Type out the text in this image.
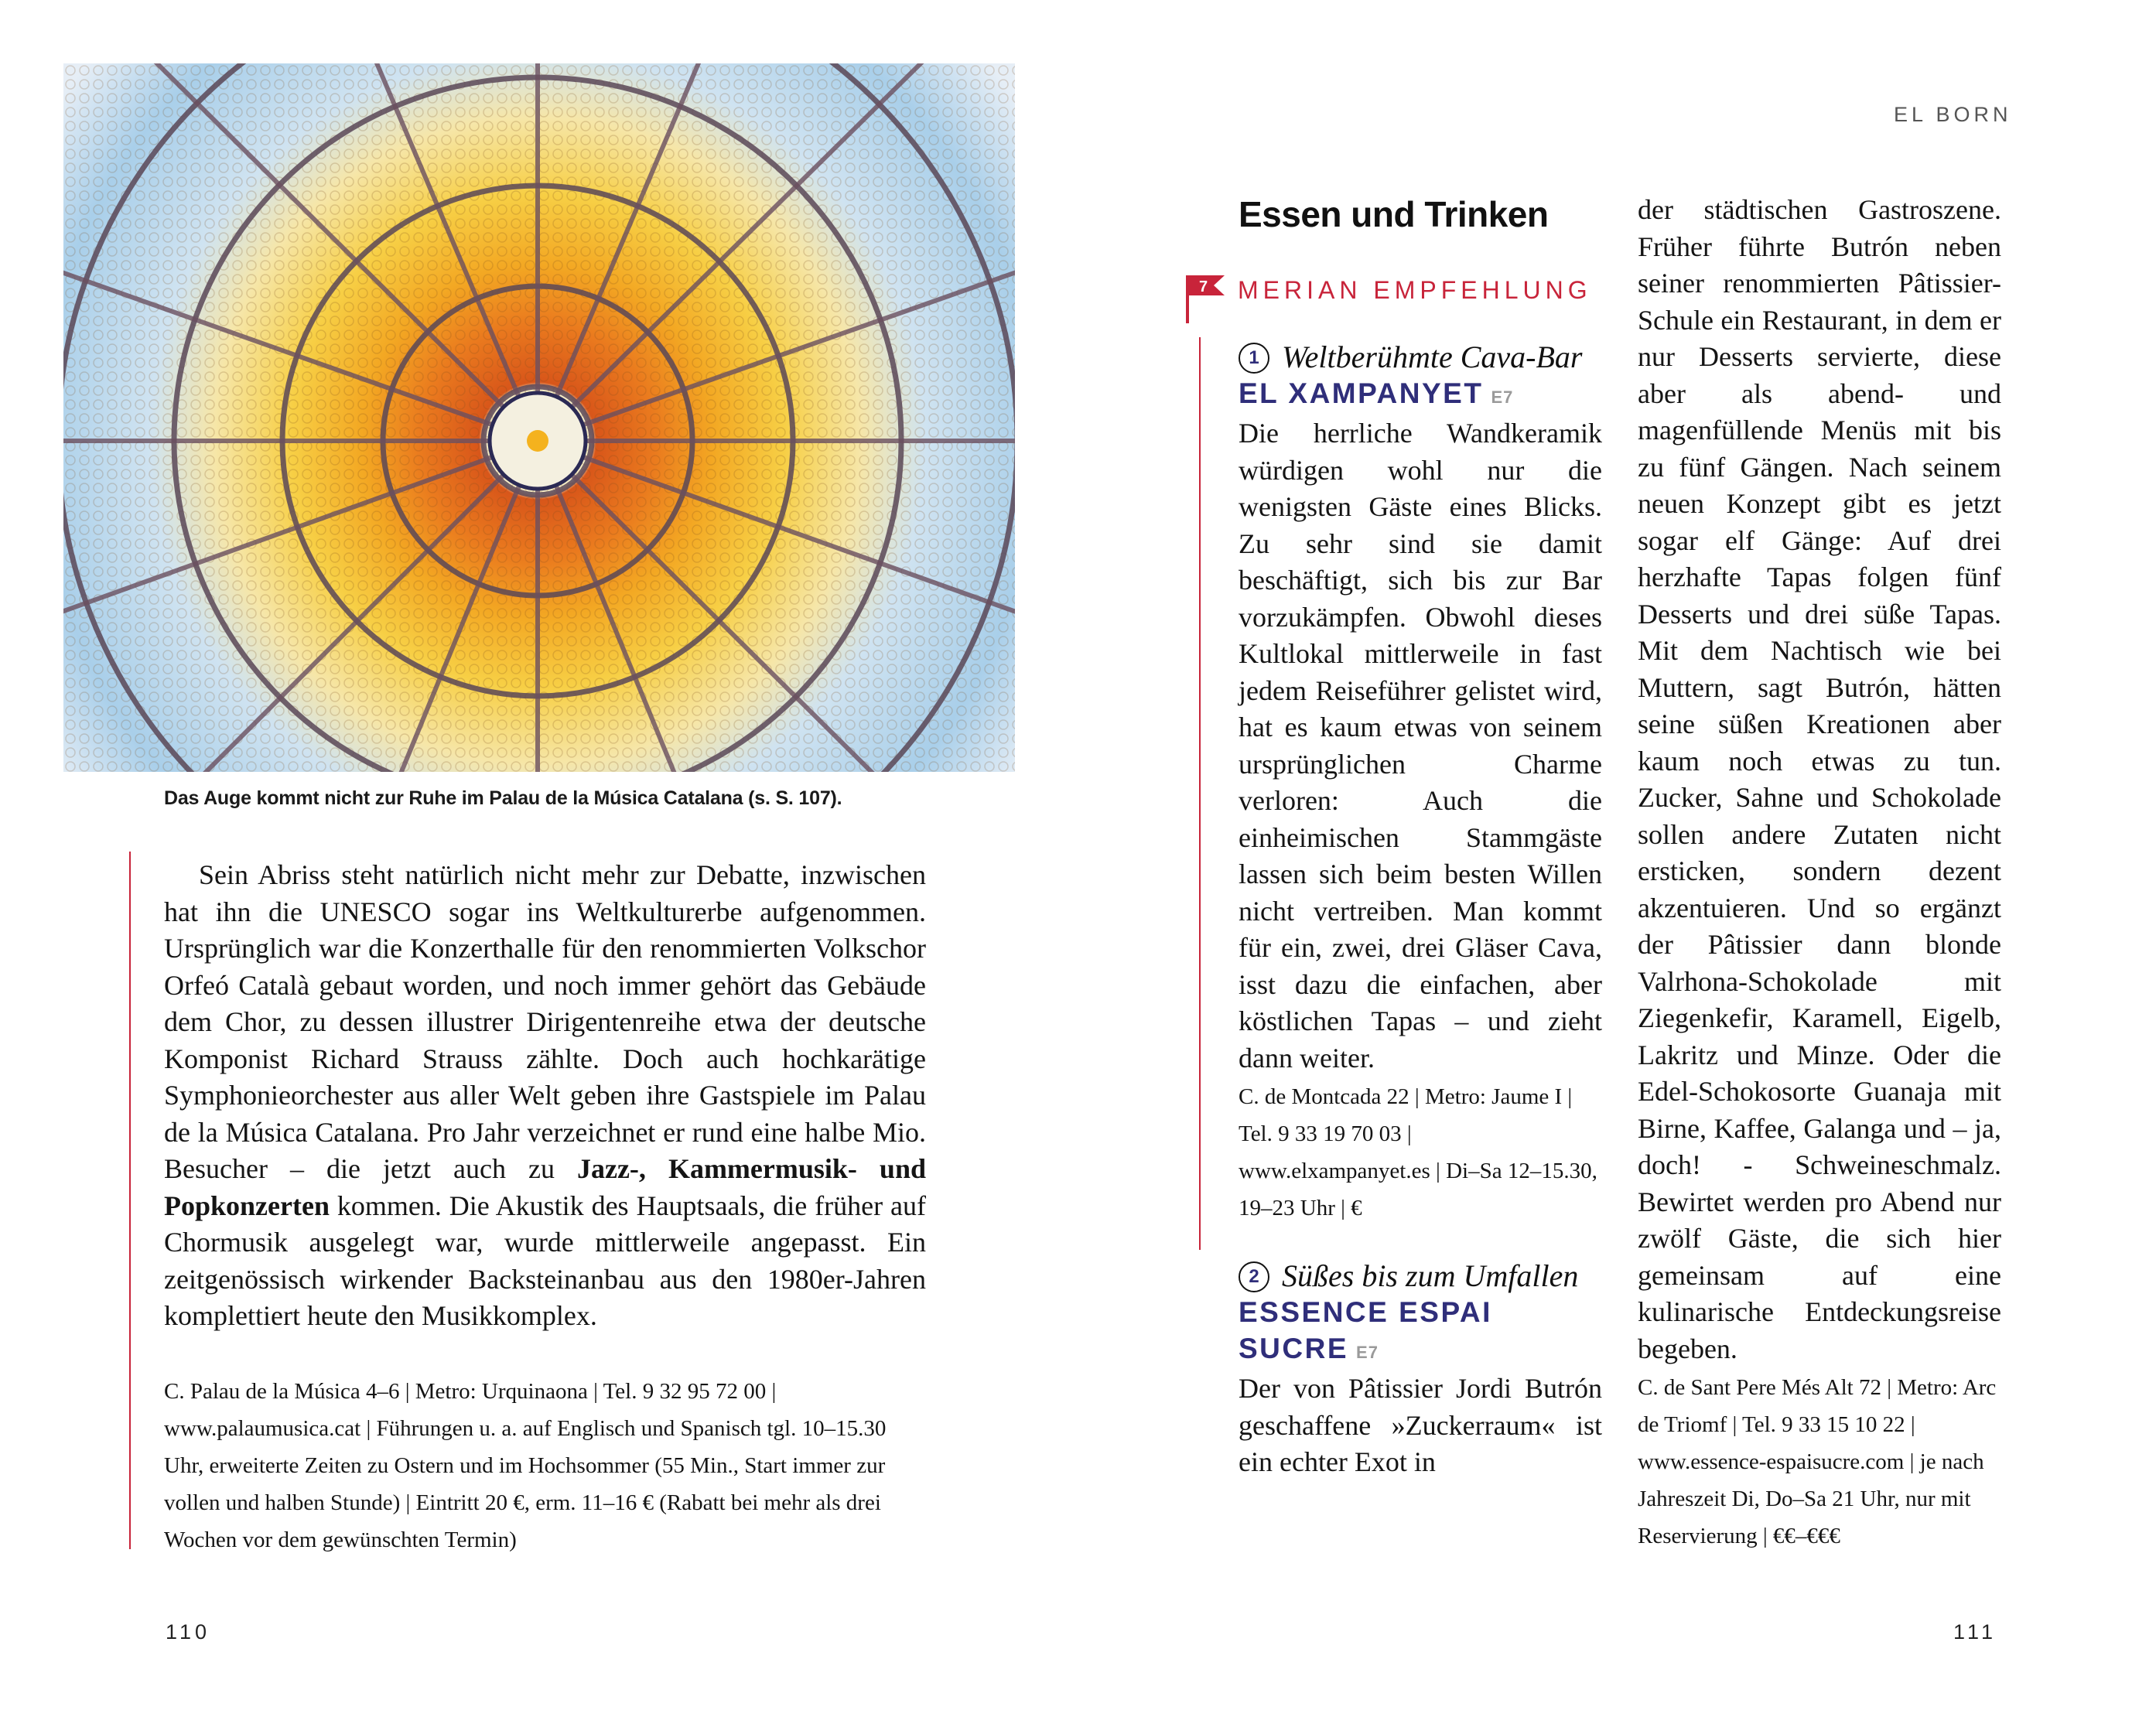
Das Auge kommt nicht zur Ruhe im Palau de la Música Catalana (s. S. 107).

Sein Abriss steht natürlich nicht mehr zur Debatte, inzwischen hat ihn die UNESCO sogar ins Weltkulturerbe aufgenommen. Ursprünglich war die Konzerthalle für den renommierten Volkschor Orfeó Català gebaut worden, und noch immer gehört das Gebäude dem Chor, zu dessen illustrer Dirigentenreihe etwa der deutsche Komponist Richard Strauss zählte. Doch auch hochkarätige Symphonieorchester aus aller Welt geben ihre Gastspiele im Palau de la Música Catalana. Pro Jahr verzeichnet er rund eine halbe Mio. Besucher – die jetzt auch zu Jazz-, Kammermusik- und Popkonzerten kommen. Die Akustik des Hauptsaals, die früher auf Chormusik ausgelegt war, wurde mittlerweile angepasst. Ein zeitgenössisch wirkender Backsteinanbau aus den 1980er-Jahren komplettiert heute den Musikkomplex.

C. Palau de la Música 4–6 | Metro: Urquinaona | Tel. 9 32 95 72 00 | www.palaumusica.cat | Führungen u. a. auf Englisch und Spanisch tgl. 10–15.30 Uhr, erweiterte Zeiten zu Ostern und im Hochsommer (55 Min., Start immer zur vollen und halben Stunde) | Eintritt 20 €, erm. 11–16 € (Rabatt bei mehr als drei Wochen vor dem gewünschten Termin)
110
EL BORN
Essen und Trinken
7 MERIAN EMPFEHLUNG
1 Weltberühmte Cava-Bar
EL XAMPANYET E7
Die herrliche Wandkeramik würdigen wohl nur die wenigsten Gäste eines Blicks. Zu sehr sind sie damit beschäftigt, sich bis zur Bar vorzukämpfen. Obwohl dieses Kultlokal mittlerweile in fast jedem Reiseführer gelistet wird, hat es kaum etwas von seinem ursprünglichen Charme verloren: Auch die einheimischen Stammgäste lassen sich beim besten Willen nicht vertreiben. Man kommt für ein, zwei, drei Gläser Cava, isst dazu die einfachen, aber köstlichen Tapas – und zieht dann weiter.
C. de Montcada 22 | Metro: Jaume I | Tel. 9 33 19 70 03 | www.elxampanyet.es | Di–Sa 12–15.30, 19–23 Uhr | €
2 Süßes bis zum Umfallen
ESSENCE ESPAI SUCRE E7
Der von Pâtissier Jordi Butrón geschaffene »Zuckerraum« ist ein echter Exot in
der städtischen Gastroszene. Früher führte Butrón neben seiner renommierten Pâtissier-Schule ein Restaurant, in dem er nur Desserts servierte, diese aber als abend- und magenfüllende Menüs mit bis zu fünf Gängen. Nach seinem neuen Konzept gibt es jetzt sogar elf Gänge: Auf drei herzhafte Tapas folgen fünf Desserts und drei süße Tapas. Mit dem Nachtisch wie bei Muttern, sagt Butrón, hätten seine süßen Kreationen aber kaum noch etwas zu tun. Zucker, Sahne und Schokolade sollen andere Zutaten nicht ersticken, sondern dezent akzentuieren. Und so ergänzt der Pâtissier dann blonde Valrhona-Schokolade mit Ziegenkefir, Karamell, Eigelb, Lakritz und Minze. Oder die Edel-Schokosorte Guanaja mit Birne, Kaffee, Galanga und – ja, doch! - Schweineschmalz. Bewirtet werden pro Abend nur zwölf Gäste, die sich hier gemeinsam auf eine kulinarische Entdeckungsreise begeben.
C. de Sant Pere Més Alt 72 | Metro: Arc de Triomf | Tel. 9 33 15 10 22 | www.essence-espaisucre.com | je nach Jahreszeit Di, Do–Sa 21 Uhr, nur mit Reservierung | €€–€€€
111
